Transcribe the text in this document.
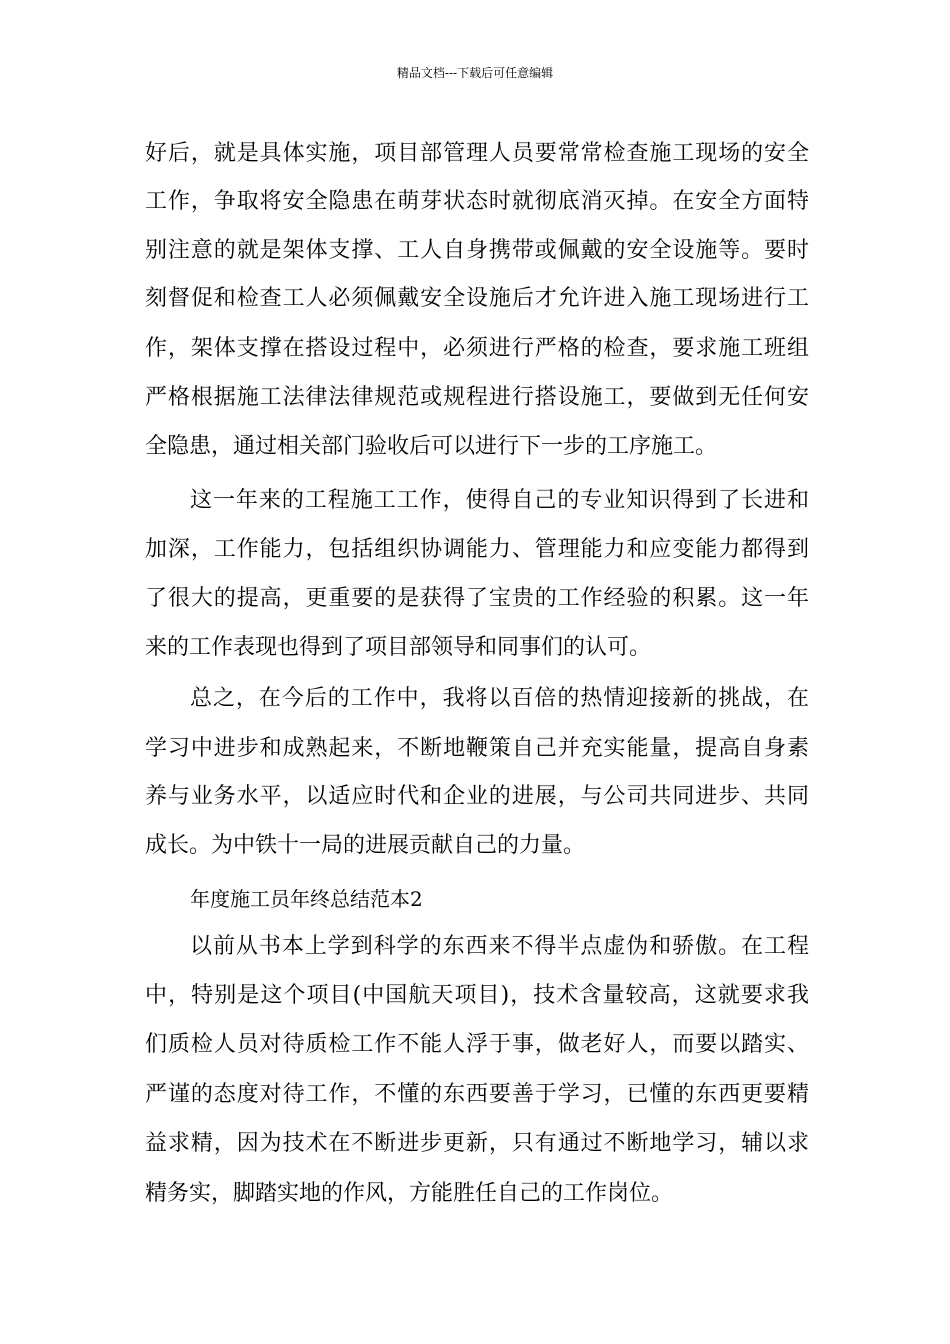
精品文档---下载后可任意编辑
好后，就是具体实施，项目部管理人员要常常检查施工现场的安全
工作，争取将安全隐患在萌芽状态时就彻底消灭掉。在安全方面特
别注意的就是架体支撑、工人自身携带或佩戴的安全设施等。要时
刻督促和检查工人必须佩戴安全设施后才允许进入施工现场进行工
作，架体支撑在搭设过程中，必须进行严格的检查，要求施工班组
严格根据施工法律法律规范或规程进行搭设施工，要做到无任何安
全隐患，通过相关部门验收后可以进行下一步的工序施工。
这一年来的工程施工工作，使得自己的专业知识得到了长进和
加深，工作能力，包括组织协调能力、管理能力和应变能力都得到
了很大的提高，更重要的是获得了宝贵的工作经验的积累。这一年
来的工作表现也得到了项目部领导和同事们的认可。
总之，在今后的工作中，我将以百倍的热情迎接新的挑战，在
学习中进步和成熟起来，不断地鞭策自己并充实能量，提高自身素
养与业务水平，以适应时代和企业的进展，与公司共同进步、共同
成长。为中铁十一局的进展贡献自己的力量。
年度施工员年终总结范本2
以前从书本上学到科学的东西来不得半点虚伪和骄傲。在工程
中，特别是这个项目(中国航天项目)，技术含量较高，这就要求我
们质检人员对待质检工作不能人浮于事，做老好人，而要以踏实、
严谨的态度对待工作，不懂的东西要善于学习，已懂的东西更要精
益求精，因为技术在不断进步更新，只有通过不断地学习，辅以求
精务实，脚踏实地的作风，方能胜任自己的工作岗位。
